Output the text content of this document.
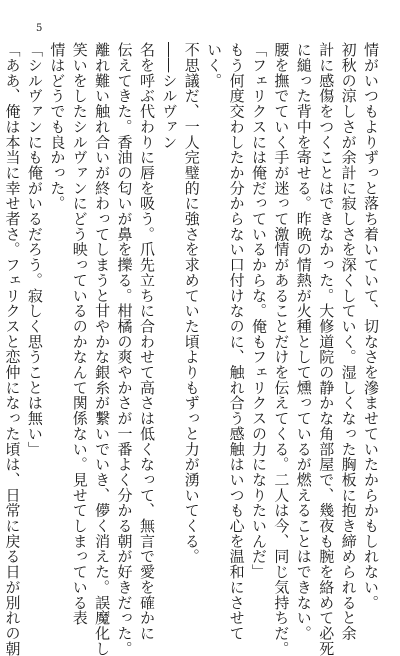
5
情がいつもよりずっと落ち着いていて、切なさを滲ませていたからかもしれない。
初秋の涼しさが余計に寂しさを深くしていく。湿しくなった胸板に抱き締められると余
計に感傷をつくことはできなかった。大修道院の静かな角部屋で、幾夜も腕を絡めて必死
に縋った背中を寄せる。昨晩の情熱が火種として燻っているが燃えることはできない。
腰を撫でていく手が迷って激情があることだけを伝えてくる。二人は今、同じ気持ちだ。
「フェリクスには俺だっているからな。俺もフェリクスの力になりたいんだ」
もう何度交わしたか分からない口付けなのに、触れ合う感触はいつも心を温和にさせて
いく。
不思議だ、一人完璧的に強さを求めていた頃よりもずっと力が湧いてくる。
――シルヴァン
名を呼ぶ代わりに唇を吸う。爪先立ちに合わせて高さは低くなって、無言で愛を確かに
伝えてきた。香油の匂いが鼻を擽る。柑橘の爽やかさが一番よく分かる朝が好きだった。
離れ難い触れ合いが終わってしまうと甘やかな銀糸が繋いでいき、儚く消えた。誤魔化し
笑いをしたシルヴァンにどう映っているのかなんて関係ない。見せてしまっている表
情はどうでも良かった。
「シルヴァンにも俺がいるだろう。寂しく思うことは無い」
「ああ、俺は本当に幸せ者さ。フェリクスと恋仲になった頃は、日常に戻る日が別れの朝
